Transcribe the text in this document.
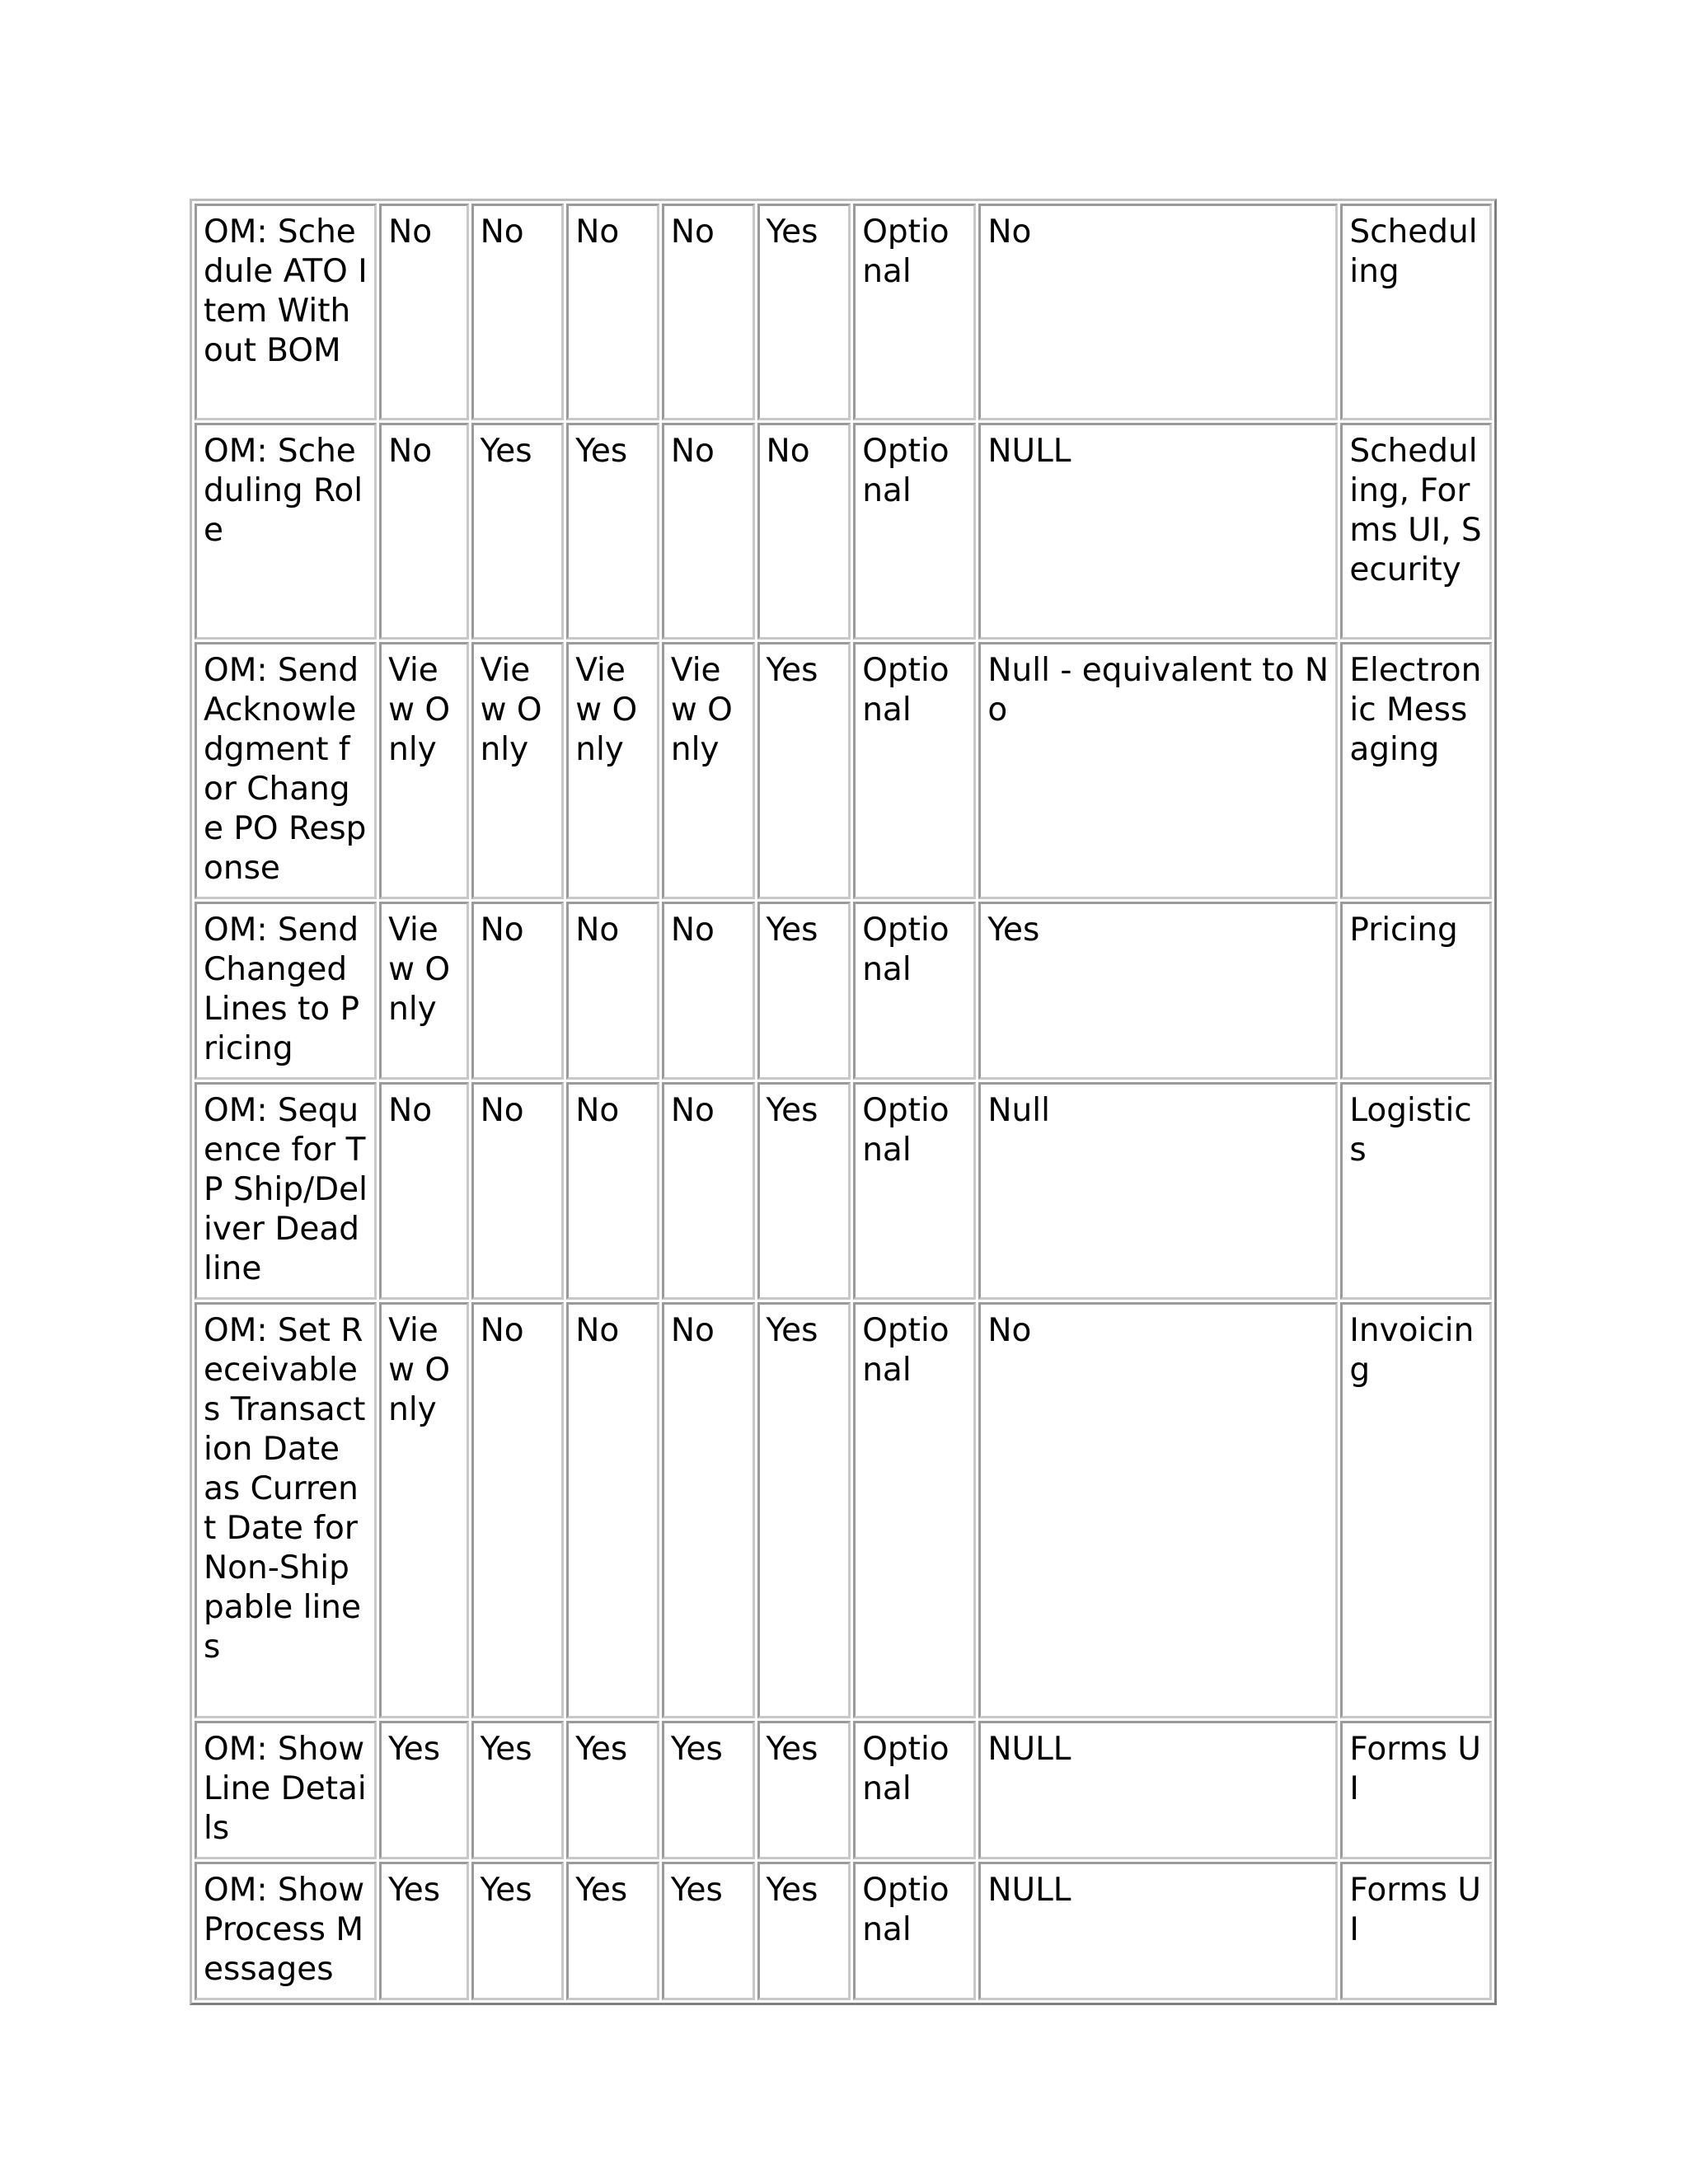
OM: Schedule ATO Item Without BOM	No	No	No	No	Yes	Optional	No	Scheduling
OM: Scheduling Role	No	Yes	Yes	No	No	Optional	NULL	Scheduling, Forms UI, Security
OM: Send Acknowledgment for Change PO Response	View Only	View Only	View Only	View Only	Yes	Optional	Null - equivalent to No	Electronic Messaging
OM: Send Changed Lines to Pricing	View Only	No	No	No	Yes	Optional	Yes	Pricing
OM: Sequence for TP Ship/Deliver Deadline	No	No	No	No	Yes	Optional	Null	Logistics
OM: Set Receivables Transaction Date as Current Date for Non-Shippable lines	View Only	No	No	No	Yes	Optional	No	Invoicing
OM: Show Line Details	Yes	Yes	Yes	Yes	Yes	Optional	NULL	Forms UI
OM: Show Process Messages	Yes	Yes	Yes	Yes	Yes	Optional	NULL	Forms UI
